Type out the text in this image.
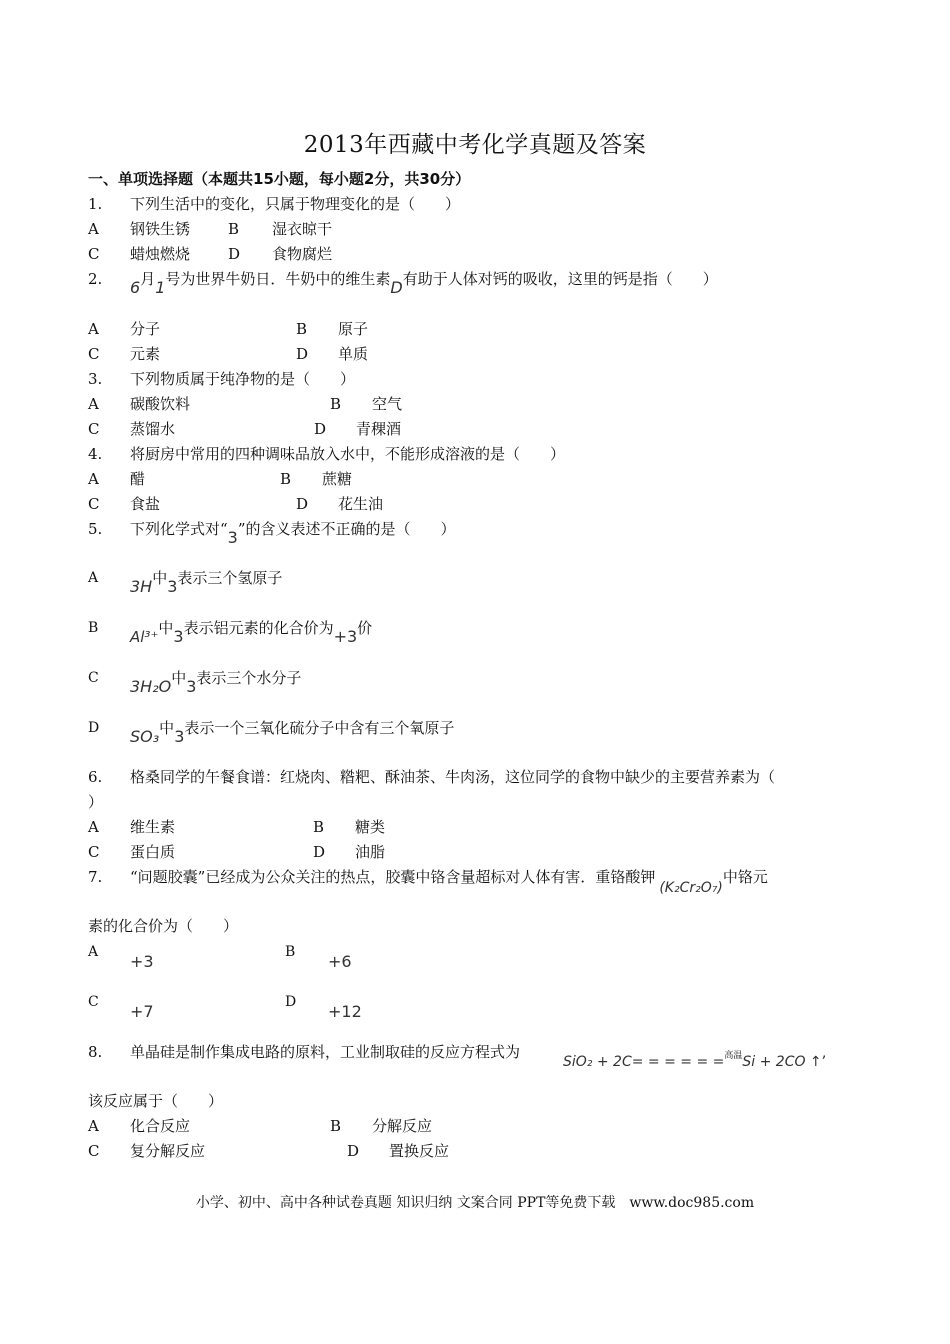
2013年西藏中考化学真题及答案
一、单项选择题（本题共15小题，每小题2分，共30分）
1. 下列生活中的变化，只属于物理变化的是（　　）
A 钢铁生锈	B 湿衣晾干
C 蜡烛燃烧	D 食物腐烂
2. 6月1号为世界牛奶日．牛奶中的维生素D有助于人体对钙的吸收，这里的钙是指（　　）
A 分子	B 原子
C 元素	D 单质
3. 下列物质属于纯净物的是（　　）
A 碳酸饮料	B 空气
C 蒸馏水	D 青稞酒
4. 将厨房中常用的四种调味品放入水中，不能形成溶液的是（　　）
A 醋	B 蔗糖
C 食盐	D 花生油
5. 下列化学式对“3”的含义表述不正确的是（　　）
A 3H中3表示三个氢原子
B Al³⁺中3表示铝元素的化合价为+3价
C 3H₂O中3表示三个水分子
D SO₃中3表示一个三氧化硫分子中含有三个氧原子
6. 格桑同学的午餐食谱：红烧肉、糌粑、酥油茶、牛肉汤，这位同学的食物中缺少的主要营养素为（
）
A 维生素	B 糖类
C 蛋白质	D 油脂
7. “问题胶囊”已经成为公众关注的热点，胶囊中铬含量超标对人体有害．重铬酸钾(K₂Cr₂O₇)中铬元
素的化合价为（　　）
A +3	B +6
C +7	D +12
8. 单晶硅是制作集成电路的原料，工业制取硅的反应方程式为
SiO₂ + 2C= = = = = =$^{高温}$Si + 2CO ↑’
该反应属于（　　）
A 化合反应	B 分解反应
C 复分解反应	D 置换反应
小学、初中、高中各种试卷真题 知识归纳 文案合同 PPT等免费下载　www.doc985.com
